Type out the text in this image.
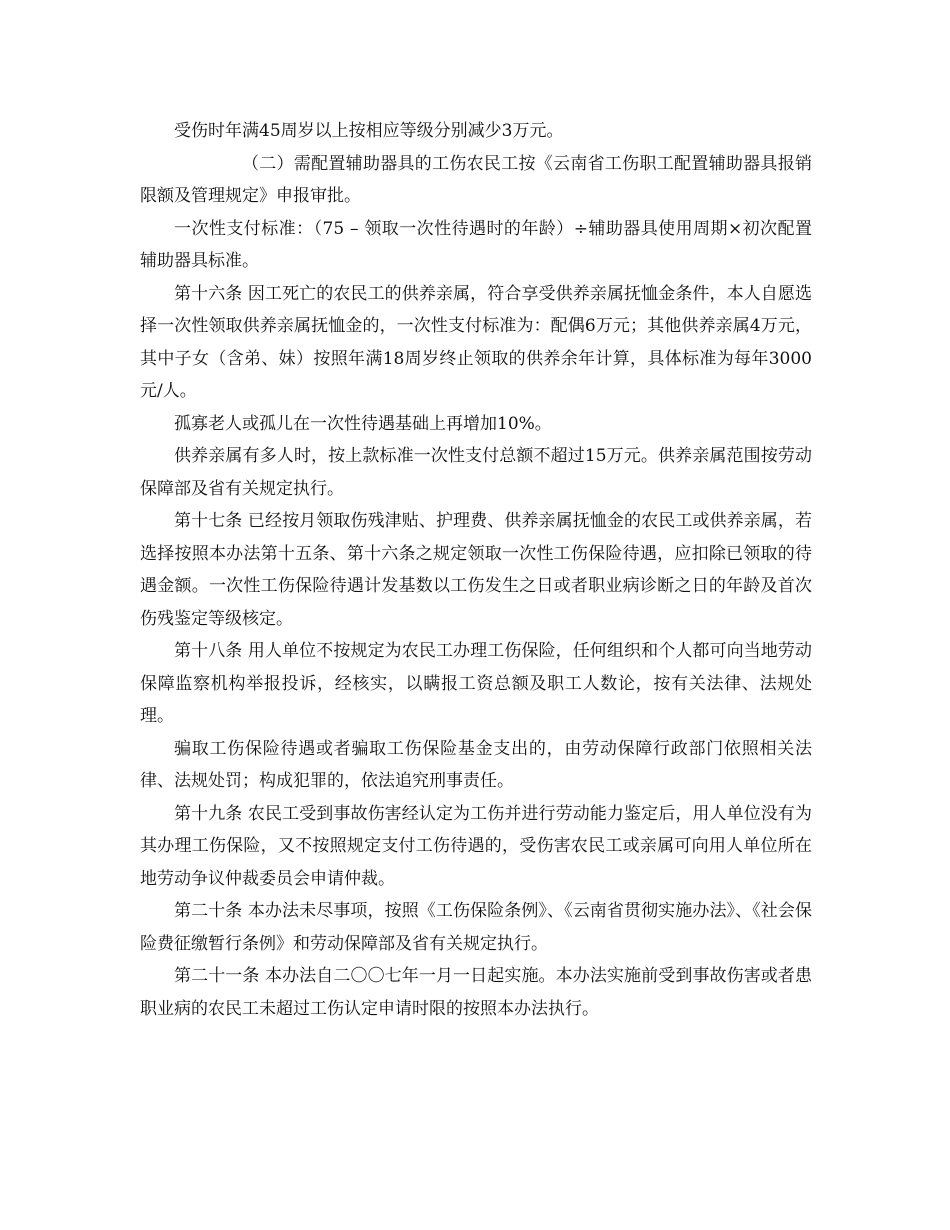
受伤时年满45周岁以上按相应等级分别减少3万元。

（二）需配置辅助器具的工伤农民工按《云南省工伤职工配置辅助器具报销限额及管理规定》申报审批。

一次性支付标准：（75 – 领取一次性待遇时的年龄）÷辅助器具使用周期×初次配置辅助器具标准。

第十六条 因工死亡的农民工的供养亲属，符合享受供养亲属抚恤金条件，本人自愿选择一次性领取供养亲属抚恤金的，一次性支付标准为：配偶6万元；其他供养亲属4万元，其中子女（含弟、妹）按照年满18周岁终止领取的供养余年计算，具体标准为每年3000元/人。

孤寡老人或孤儿在一次性待遇基础上再增加10%。

供养亲属有多人时，按上款标准一次性支付总额不超过15万元。供养亲属范围按劳动保障部及省有关规定执行。

第十七条 已经按月领取伤残津贴、护理费、供养亲属抚恤金的农民工或供养亲属，若选择按照本办法第十五条、第十六条之规定领取一次性工伤保险待遇，应扣除已领取的待遇金额。一次性工伤保险待遇计发基数以工伤发生之日或者职业病诊断之日的年龄及首次伤残鉴定等级核定。

第十八条 用人单位不按规定为农民工办理工伤保险，任何组织和个人都可向当地劳动保障监察机构举报投诉，经核实，以瞒报工资总额及职工人数论，按有关法律、法规处理。

骗取工伤保险待遇或者骗取工伤保险基金支出的，由劳动保障行政部门依照相关法律、法规处罚；构成犯罪的，依法追究刑事责任。

第十九条 农民工受到事故伤害经认定为工伤并进行劳动能力鉴定后，用人单位没有为其办理工伤保险，又不按照规定支付工伤待遇的，受伤害农民工或亲属可向用人单位所在地劳动争议仲裁委员会申请仲裁。

第二十条 本办法未尽事项，按照《工伤保险条例》、《云南省贯彻实施办法》、《社会保险费征缴暂行条例》和劳动保障部及省有关规定执行。

第二十一条 本办法自二〇〇七年一月一日起实施。本办法实施前受到事故伤害或者患职业病的农民工未超过工伤认定申请时限的按照本办法执行。
